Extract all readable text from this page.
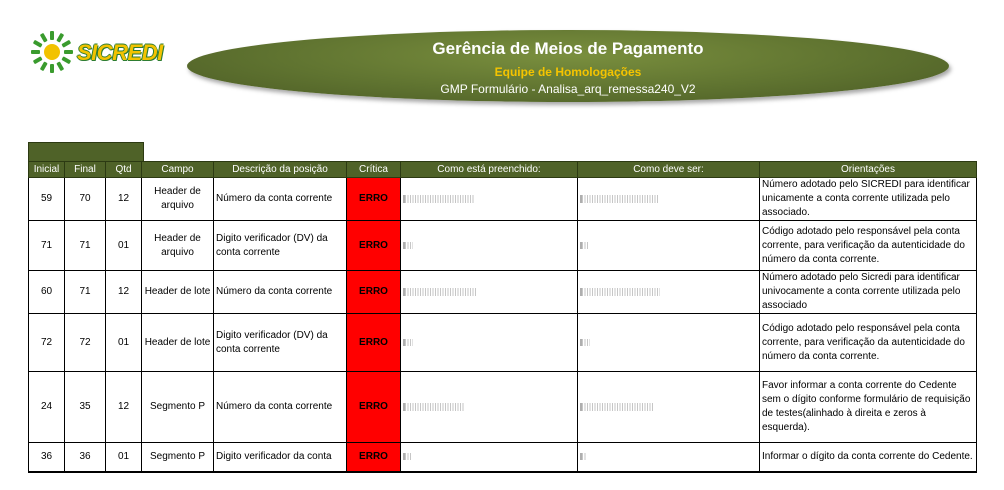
SICREDI	Gerência de Meios de Pagamento
Equipe de Homologações
GMP Formulário - Analisa_arq_remessa240_V2
Inicial	Final	Qtd	Campo	Descrição da posição	Crítica	Como está preenchido:	Como deve ser:	Orientações
59	70	12	Header de arquivo	Número da conta corrente	ERRO			Número adotado pelo SICREDI para identificar unicamente a conta corrente utilizada pelo associado.
71	71	01	Header de arquivo	Digito verificador (DV) da conta corrente	ERRO			Código adotado pelo responsável pela conta corrente, para verificação da autenticidade do número da conta corrente.
60	71	12	Header de lote	Número da conta corrente	ERRO			Número adotado pelo Sicredi para identificar univocamente a conta corrente utilizada pelo associado
72	72	01	Header de lote	Digito verificador (DV) da conta corrente	ERRO			Código adotado pelo responsável pela conta corrente, para verificação da autenticidade do número da conta corrente.
24	35	12	Segmento P	Número da conta corrente	ERRO			Favor informar a conta corrente do Cedente sem o dígito conforme formulário de requisição de testes(alinhado à direita e zeros à esquerda).
36	36	01	Segmento P	Digito verificador da conta	ERRO			Informar o dígito da conta corrente do Cedente.
